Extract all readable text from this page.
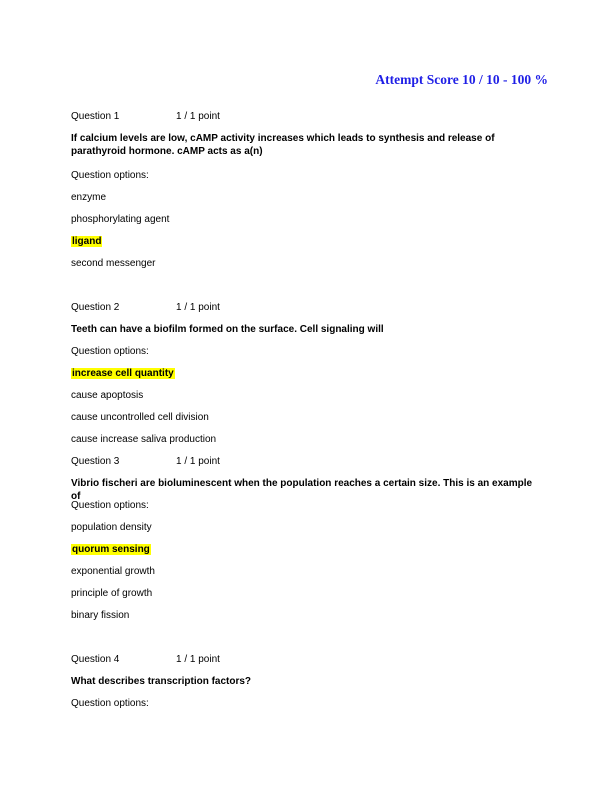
Attempt Score 10 / 10 - 100 %
Question 1	1 / 1 point
If calcium levels are low, cAMP activity increases which leads to synthesis and release of parathyroid hormone. cAMP acts as a(n)
Question options:
enzyme
phosphorylating agent
ligand
second messenger
Question 2	1 / 1 point
Teeth can have a biofilm formed on the surface. Cell signaling will
Question options:
increase cell quantity
cause apoptosis
cause uncontrolled cell division
cause increase saliva production
Question 3	1 / 1 point
Vibrio fischeri are bioluminescent when the population reaches a certain size. This is an example of
Question options:
population density
quorum sensing
exponential growth
principle of growth
binary fission
Question 4	1 / 1 point
What describes transcription factors?
Question options:
